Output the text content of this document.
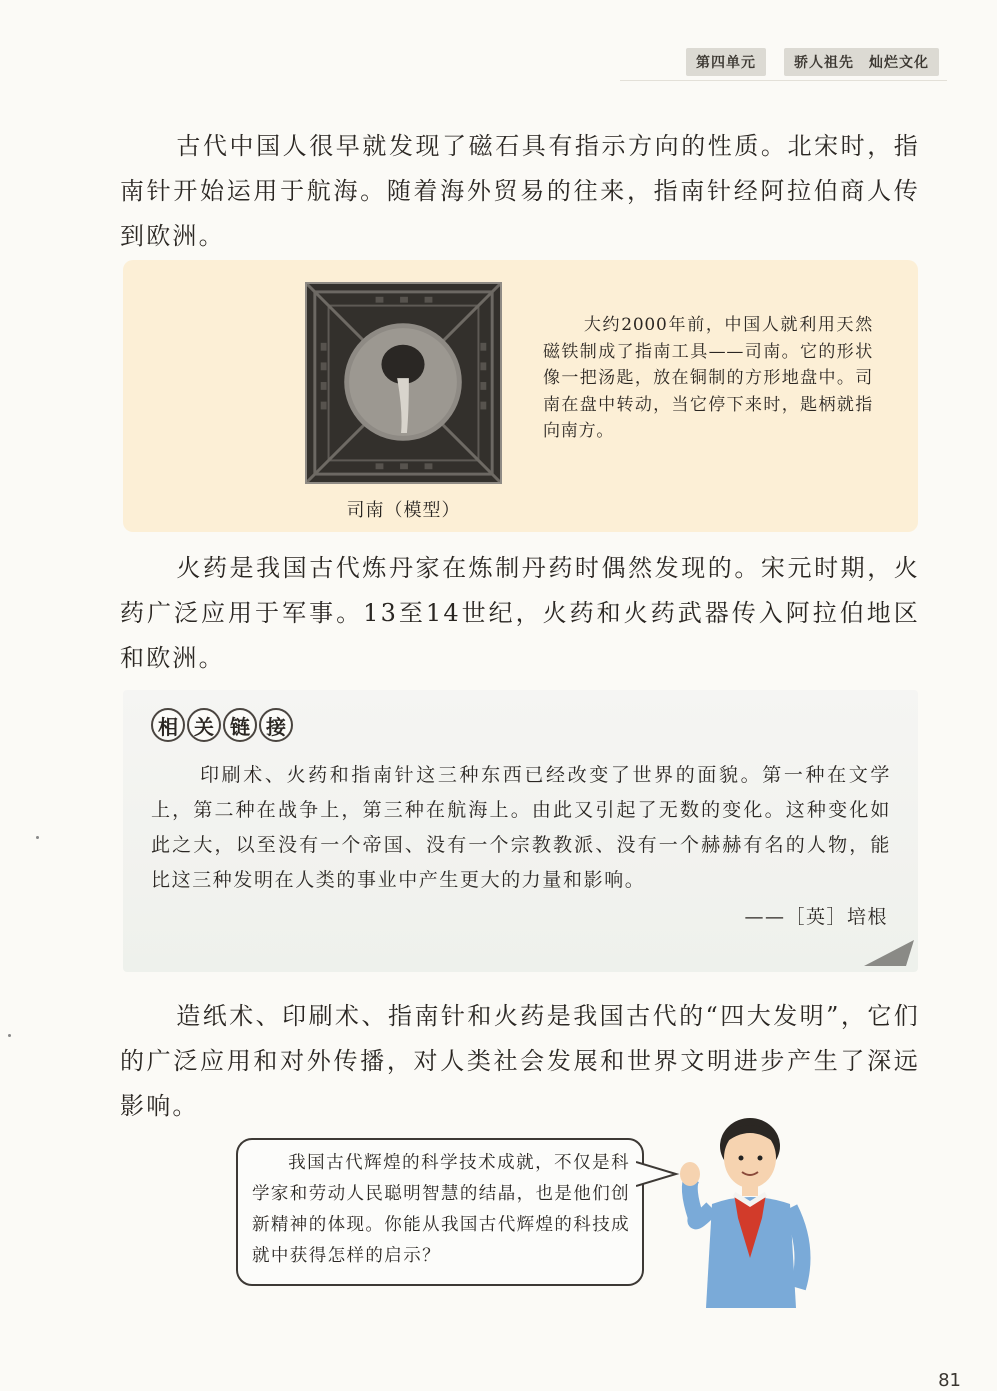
第四单元	骄人祖先　灿烂文化

古代中国人很早就发现了磁石具有指示方向的性质。北宋时，指南针开始运用于航海。随着海外贸易的往来，指南针经阿拉伯商人传到欧洲。

司南（模型）

大约2000年前，中国人就利用天然磁铁制成了指南工具——司南。它的形状像一把汤匙，放在铜制的方形地盘中。司南在盘中转动，当它停下来时，匙柄就指向南方。

火药是我国古代炼丹家在炼制丹药时偶然发现的。宋元时期，火药广泛应用于军事。13至14世纪，火药和火药武器传入阿拉伯地区和欧洲。

相 关 链 接

印刷术、火药和指南针这三种东西已经改变了世界的面貌。第一种在文学上，第二种在战争上，第三种在航海上。由此又引起了无数的变化。这种变化如此之大，以至没有一个帝国、没有一个宗教教派、没有一个赫赫有名的人物，能比这三种发明在人类的事业中产生更大的力量和影响。

——［英］培根

造纸术、印刷术、指南针和火药是我国古代的“四大发明”，它们的广泛应用和对外传播，对人类社会发展和世界文明进步产生了深远影响。

我国古代辉煌的科学技术成就，不仅是科学家和劳动人民聪明智慧的结晶，也是他们创新精神的体现。你能从我国古代辉煌的科技成就中获得怎样的启示？

81
